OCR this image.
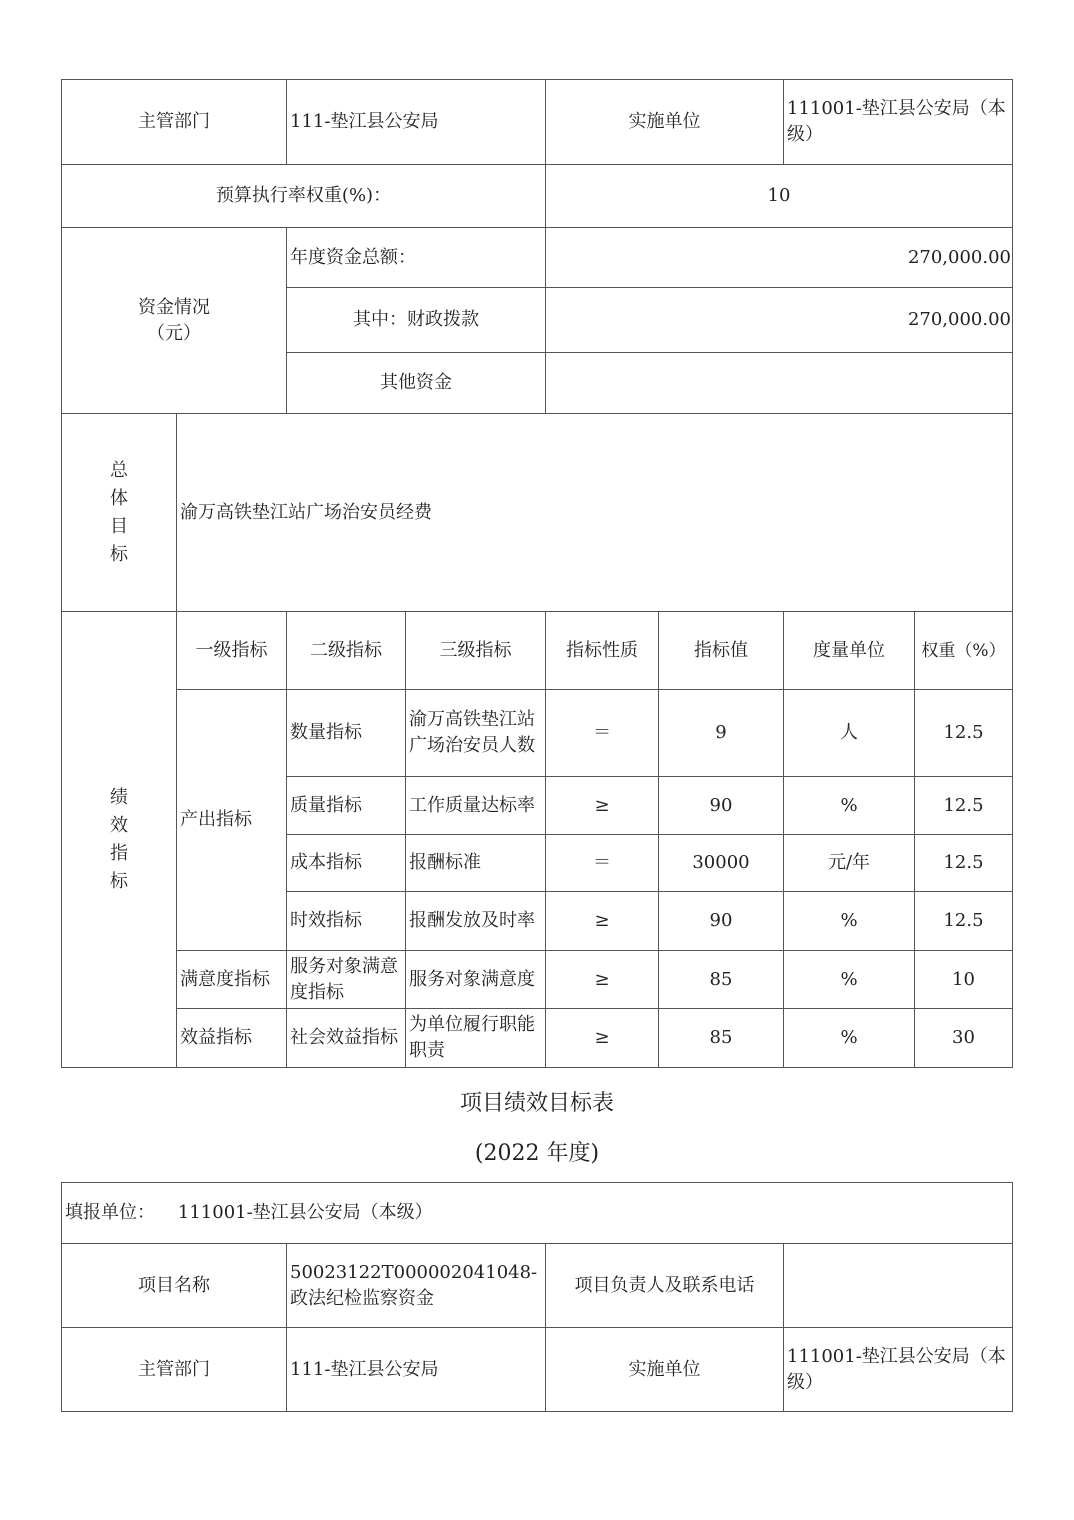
主管部门		111-垫江县公安局		实施单位		111001-垫江县公安局（本级）	
预算执行率权重(%)：				10			
资金情况（元）		年度资金总额：		270,000.00			
		其中：财政拨款		270,000.00			
		其他资金					
总体目标	渝万高铁垫江站广场治安员经费						
绩效指标	一级指标	二级指标	三级指标	指标性质	指标值	度量单位	权重（%）
	产出指标	数量指标	渝万高铁垫江站广场治安员人数	＝	9	人	12.5
		质量指标	工作质量达标率	≥	90	%	12.5
		成本指标	报酬标准	＝	30000	元/年	12.5
		时效指标	报酬发放及时率	≥	90	%	12.5
	满意度指标	服务对象满意度指标	服务对象满意度	≥	85	%	10
	效益指标	社会效益指标	为单位履行职能职责	≥	85	%	30
项目绩效目标表
(2022 年度)
填报单位： 111001-垫江县公安局（本级）			
项目名称	50023122T000002041048-政法纪检监察资金	项目负责人及联系电话	
主管部门	111-垫江县公安局	实施单位	111001-垫江县公安局（本级）
